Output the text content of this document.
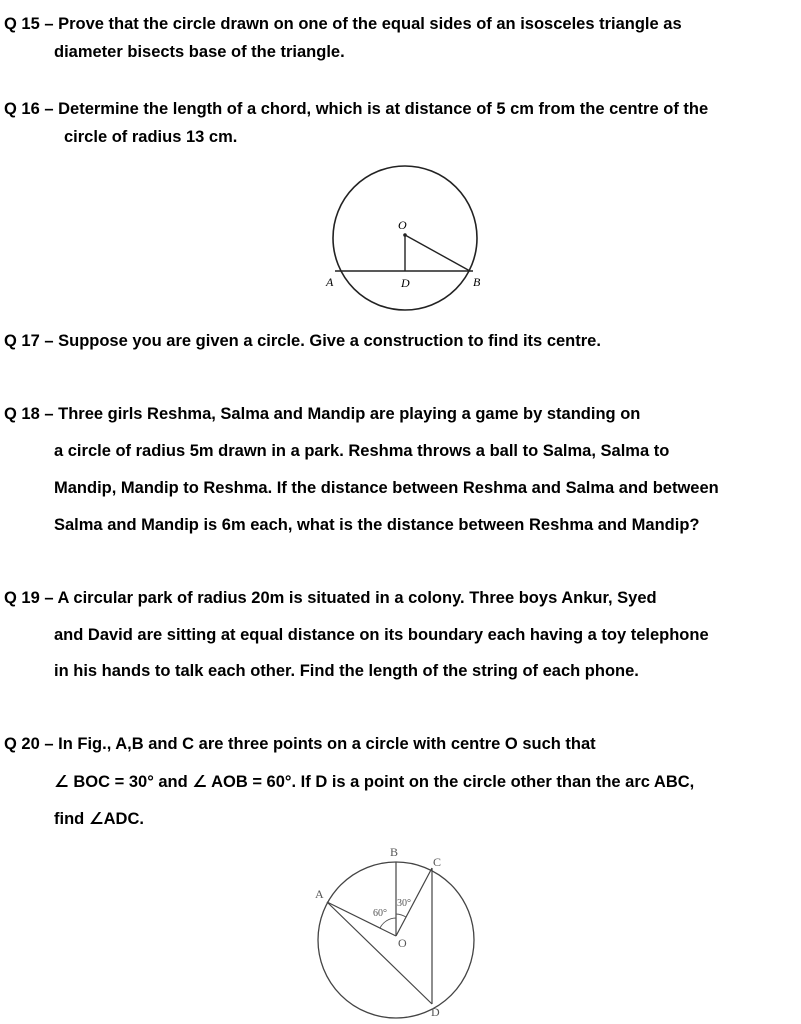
Q 15 – Prove that the circle drawn on one of the equal sides of an isosceles triangle as
diameter bisects base of the triangle.
Q 16 – Determine the length of a chord, which is at distance of 5 cm from the centre of the
circle of radius 13 cm.
O
A	D	B
Q 17 – Suppose you are given a circle. Give a construction to find its centre.
Q 18 – Three girls Reshma, Salma and Mandip are playing a game by standing on
a circle of radius 5m drawn in a park. Reshma throws a ball to Salma, Salma to
Mandip, Mandip to Reshma. If the distance between Reshma and Salma and between
Salma and Mandip is 6m each, what is the distance between Reshma and Mandip?
Q 19 – A circular park of radius 20m is situated in a colony. Three boys Ankur, Syed
and David are sitting at equal distance on its boundary each having a toy telephone
in his hands to talk each other. Find the length of the string of each phone.
Q 20 – In Fig., A,B and C are three points on a circle with centre O such that
∠ BOC = 30° and ∠ AOB = 60°. If D is a point on the circle other than the arc ABC,
find ∠ADC.
A
B
C
O
D
60°
30°
